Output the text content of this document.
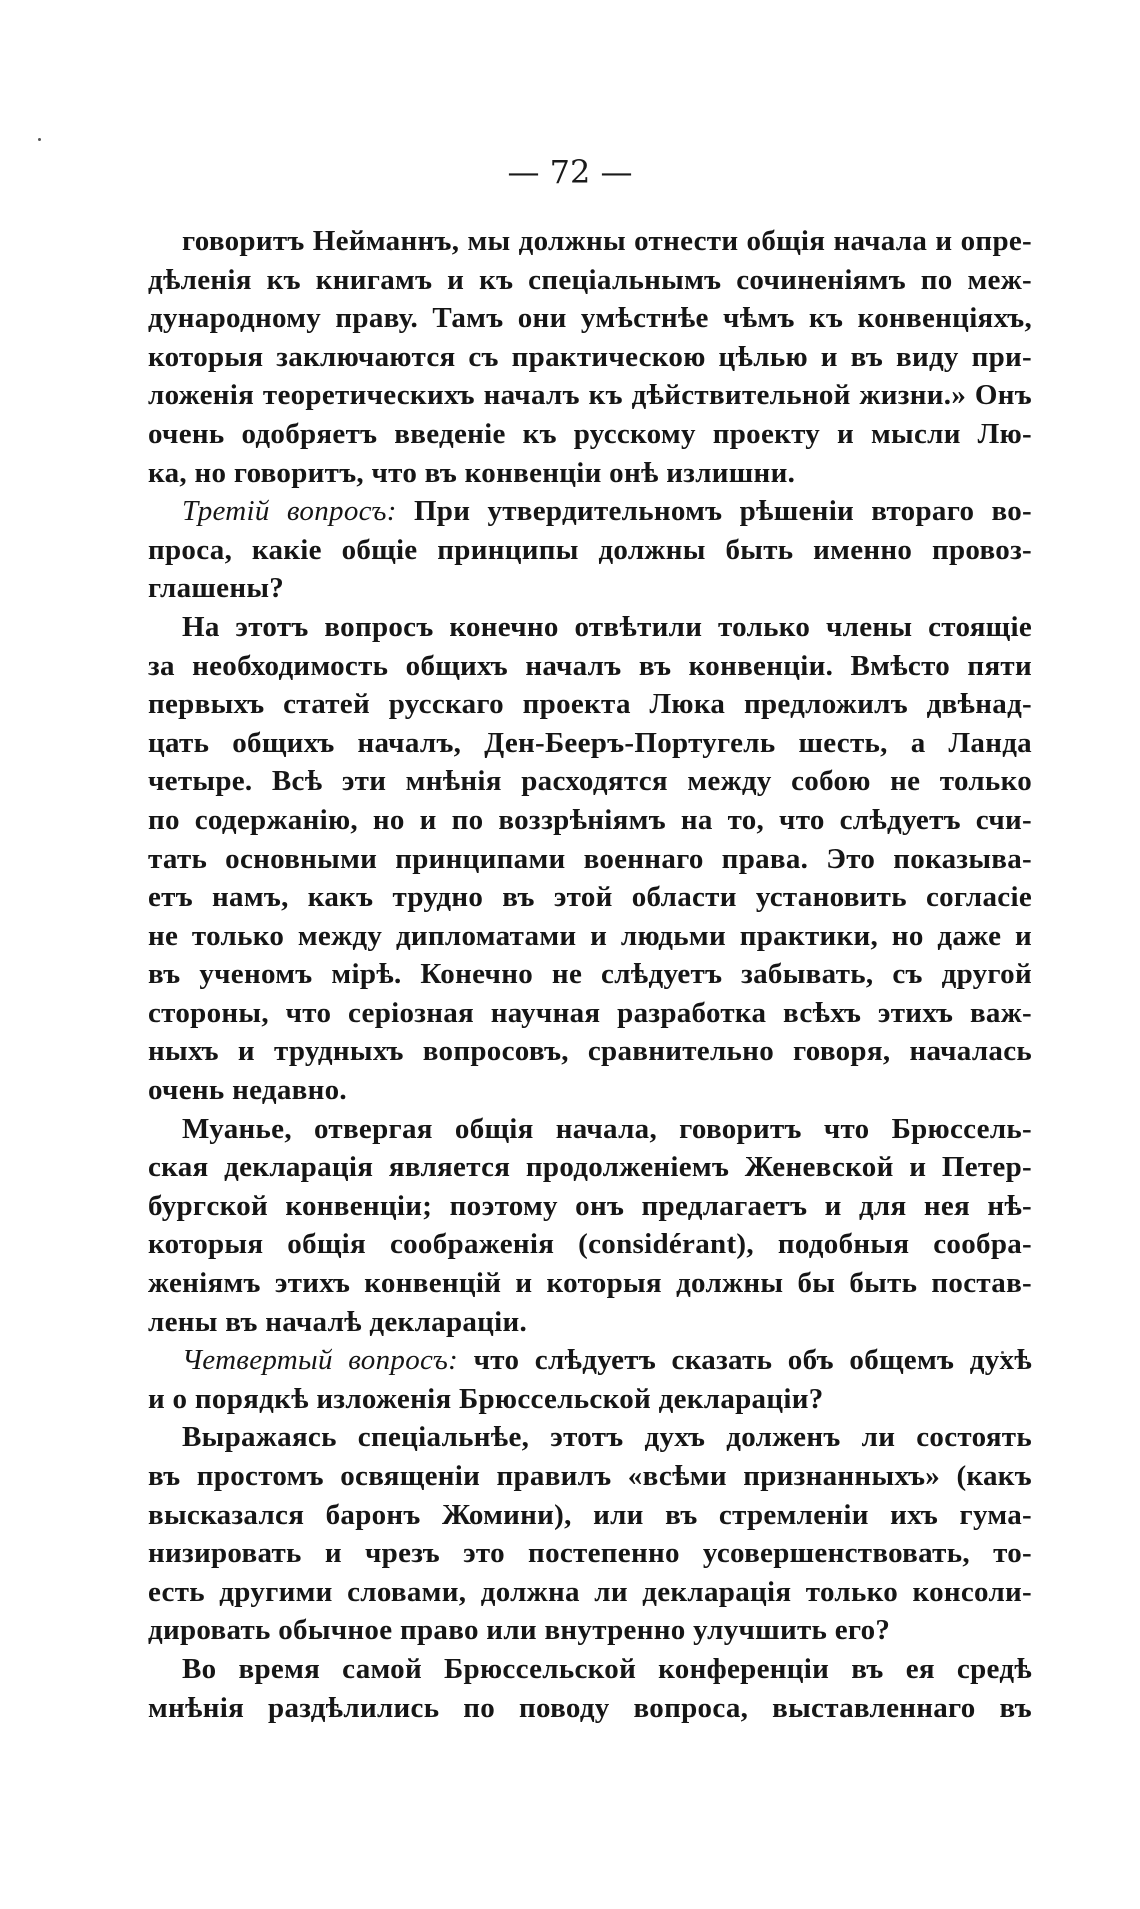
— 72 —
говоритъ Нейманнъ, мы должны отнести общія начала и опре-
дѣленія къ книгамъ и къ спеціальнымъ сочиненіямъ по меж-
дународному праву. Тамъ они умѣстнѣе чѣмъ къ конвенціяхъ,
которыя заключаются съ практическою цѣлью и въ виду при-
ложенія теоретическихъ началъ къ дѣйствительной жизни.» Онъ
очень одобряетъ введеніе къ русскому проекту и мысли Лю-
ка, но говоритъ, что въ конвенціи онѣ излишни.
Третій вопросъ: При утвердительномъ рѣшеніи втораго во-
проса, какіе общіе принципы должны быть именно провоз-
глашены?
На этотъ вопросъ конечно отвѣтили только члены стоящіе
за необходимость общихъ началъ въ конвенціи. Вмѣсто пяти
первыхъ статей русскаго проекта Люка предложилъ двѣнад-
цать общихъ началъ, Ден-Бееръ-Португель шесть, а Ланда
четыре. Всѣ эти мнѣнія расходятся между собою не только
по содержанію, но и по воззрѣніямъ на то, что слѣдуетъ счи-
тать основными принципами военнаго права. Это показыва-
етъ намъ, какъ трудно въ этой области установить согласіе
не только между дипломатами и людьми практики, но даже и
въ ученомъ мірѣ. Конечно не слѣдуетъ забывать, съ другой
стороны, что серіозная научная разработка всѣхъ этихъ важ-
ныхъ и трудныхъ вопросовъ, сравнительно говоря, началась
очень недавно.
Муанье, отвергая общія начала, говоритъ что Брюссель-
ская декларація является продолженіемъ Женевской и Петер-
бургской конвенціи; поэтому онъ предлагаетъ и для нея нѣ-
которыя общія соображенія (considérant), подобныя сообра-
женіямъ этихъ конвенцій и которыя должны бы быть постав-
лены въ началѣ деклараціи.
Четвертый вопросъ: что слѣдуетъ сказать объ общемъ духѣ
и о порядкѣ изложенія Брюссельской деклараціи?
Выражаясь спеціальнѣе, этотъ духъ долженъ ли состоять
въ простомъ освященіи правилъ «всѣми признанныхъ» (какъ
высказался баронъ Жомини), или въ стремленіи ихъ гума-
низировать и чрезъ это постепенно усовершенствовать, то-
есть другими словами, должна ли декларація только консоли-
дировать обычное право или внутренно улучшить его?
Во время самой Брюссельской конференціи въ ея средѣ
мнѣнія раздѣлились по поводу вопроса, выставленнаго въ
